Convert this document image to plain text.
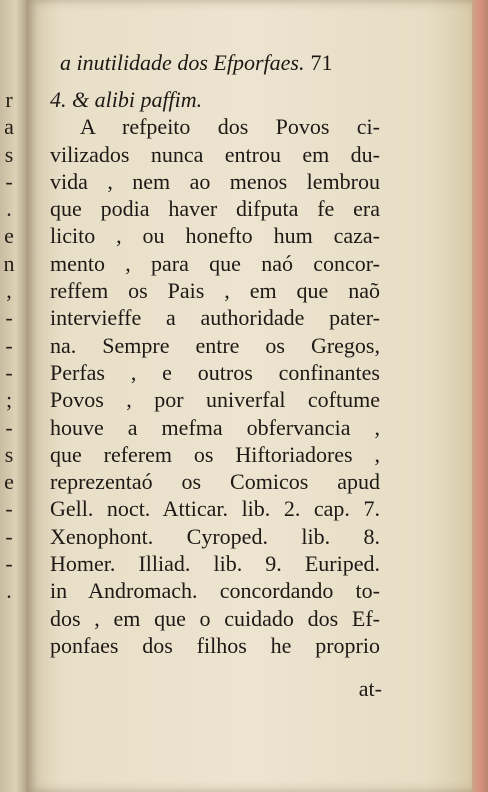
r
a
s
-
.
e
n
,
-
-
-
;
-
s
e
-
-
-
.
a inutilidade dos Efporfaes. 71
4. & alibi paffim.
A refpeito dos Povos ci-
vilizados nunca entrou em du-
vida , nem ao menos lembrou
que podia haver difputa fe era
licito , ou honefto hum caza-
mento , para que naó concor-
reffem os Pais , em que naõ
intervieffe a authoridade pater-
na. Sempre entre os Gregos,
Perfas , e outros confinantes
Povos , por univerfal coftume
houve a mefma obfervancia ,
que referem os Hiftoriadores ,
reprezentaó os Comicos apud
Gell. noct. Atticar. lib. 2. cap. 7.
Xenophont. Cyroped. lib. 8.
Homer. Illiad. lib. 9. Euriped.
in Andromach. concordando to-
dos , em que o cuidado dos Ef-
ponfaes dos filhos he proprio
at-
